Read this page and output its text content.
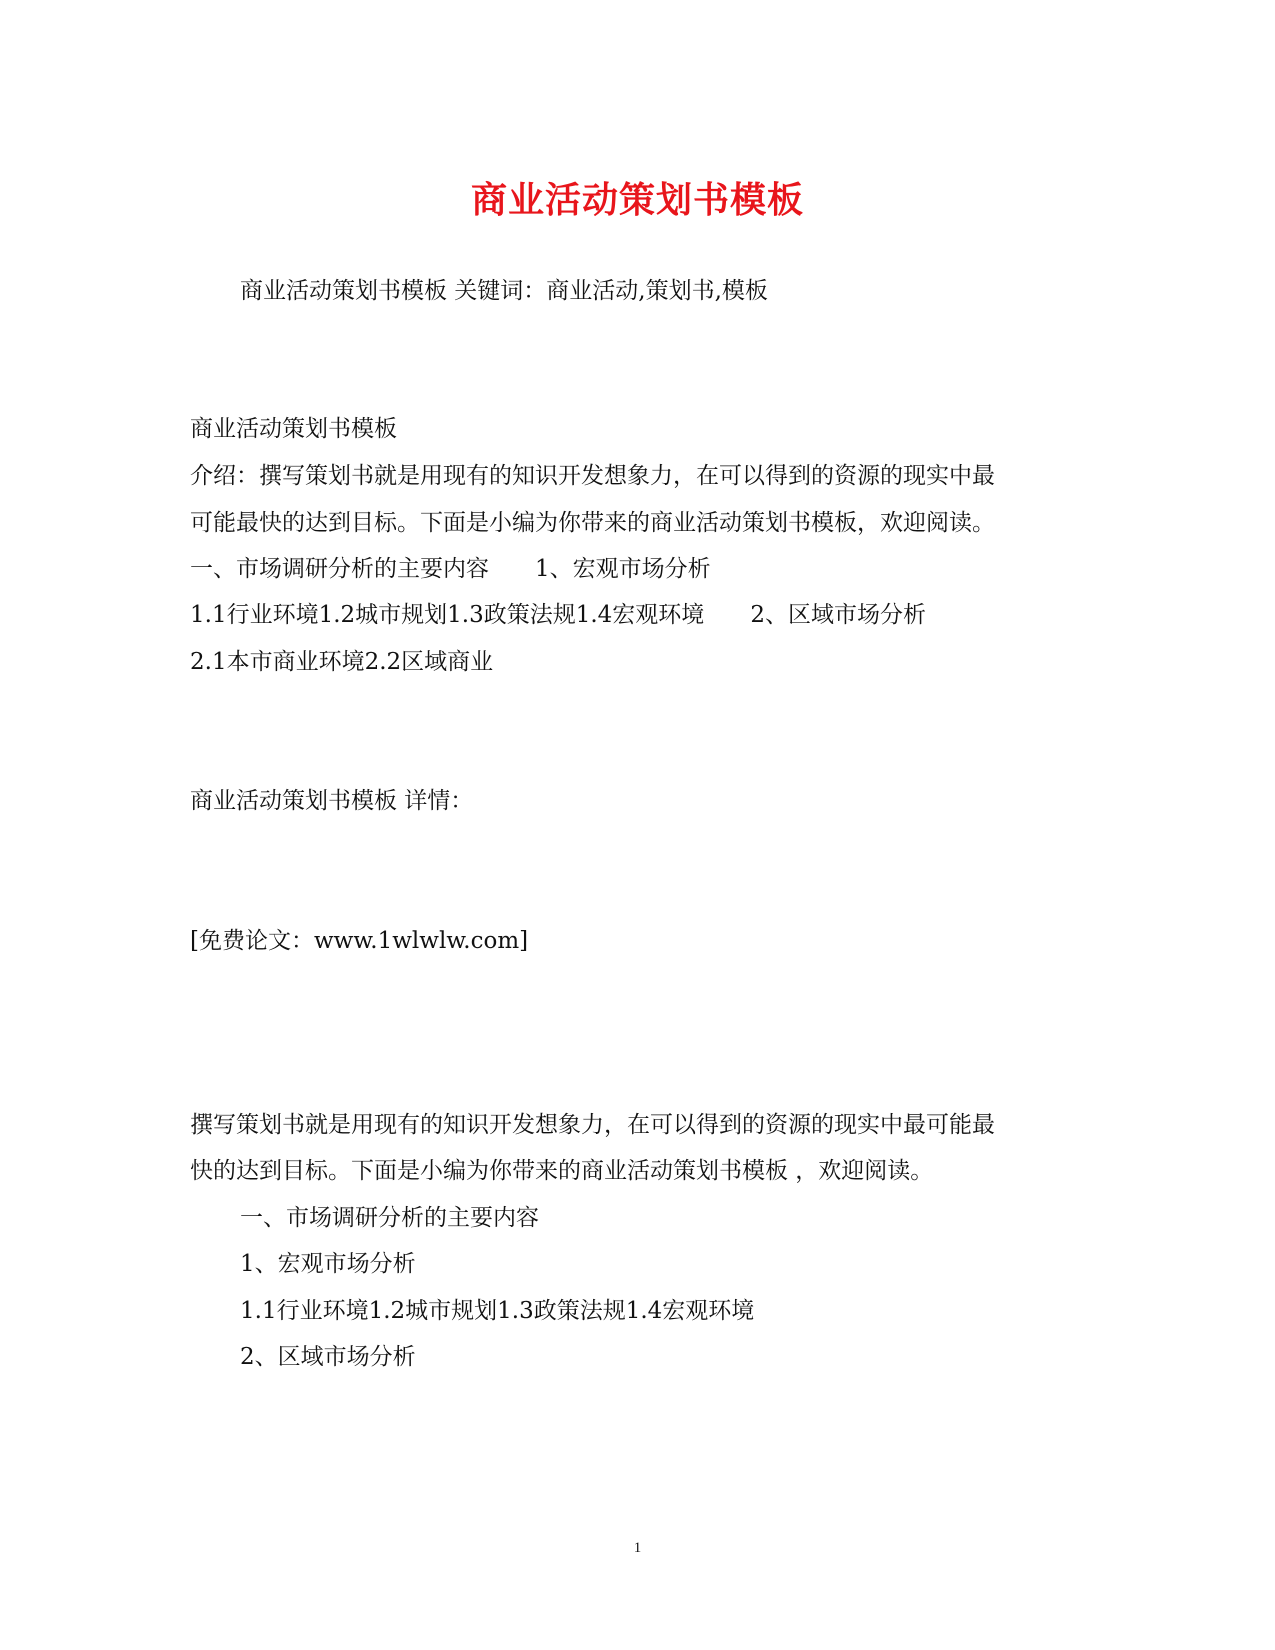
商业活动策划书模板
商业活动策划书模板 关键词：商业活动,策划书,模板
商业活动策划书模板
介绍：撰写策划书就是用现有的知识开发想象力，在可以得到的资源的现实中最
可能最快的达到目标。下面是小编为你带来的商业活动策划书模板，欢迎阅读。
一、市场调研分析的主要内容 1、宏观市场分析
1.1行业环境1.2城市规划1.3政策法规1.4宏观环境 2、区域市场分析
2.1本市商业环境2.2区域商业
商业活动策划书模板 详情：
[免费论文：www.1wlwlw.com]
撰写策划书就是用现有的知识开发想象力，在可以得到的资源的现实中最可能最
快的达到目标。下面是小编为你带来的商业活动策划书模板 ，欢迎阅读。
一、市场调研分析的主要内容
1、宏观市场分析
1.1行业环境1.2城市规划1.3政策法规1.4宏观环境
2、区域市场分析
1
